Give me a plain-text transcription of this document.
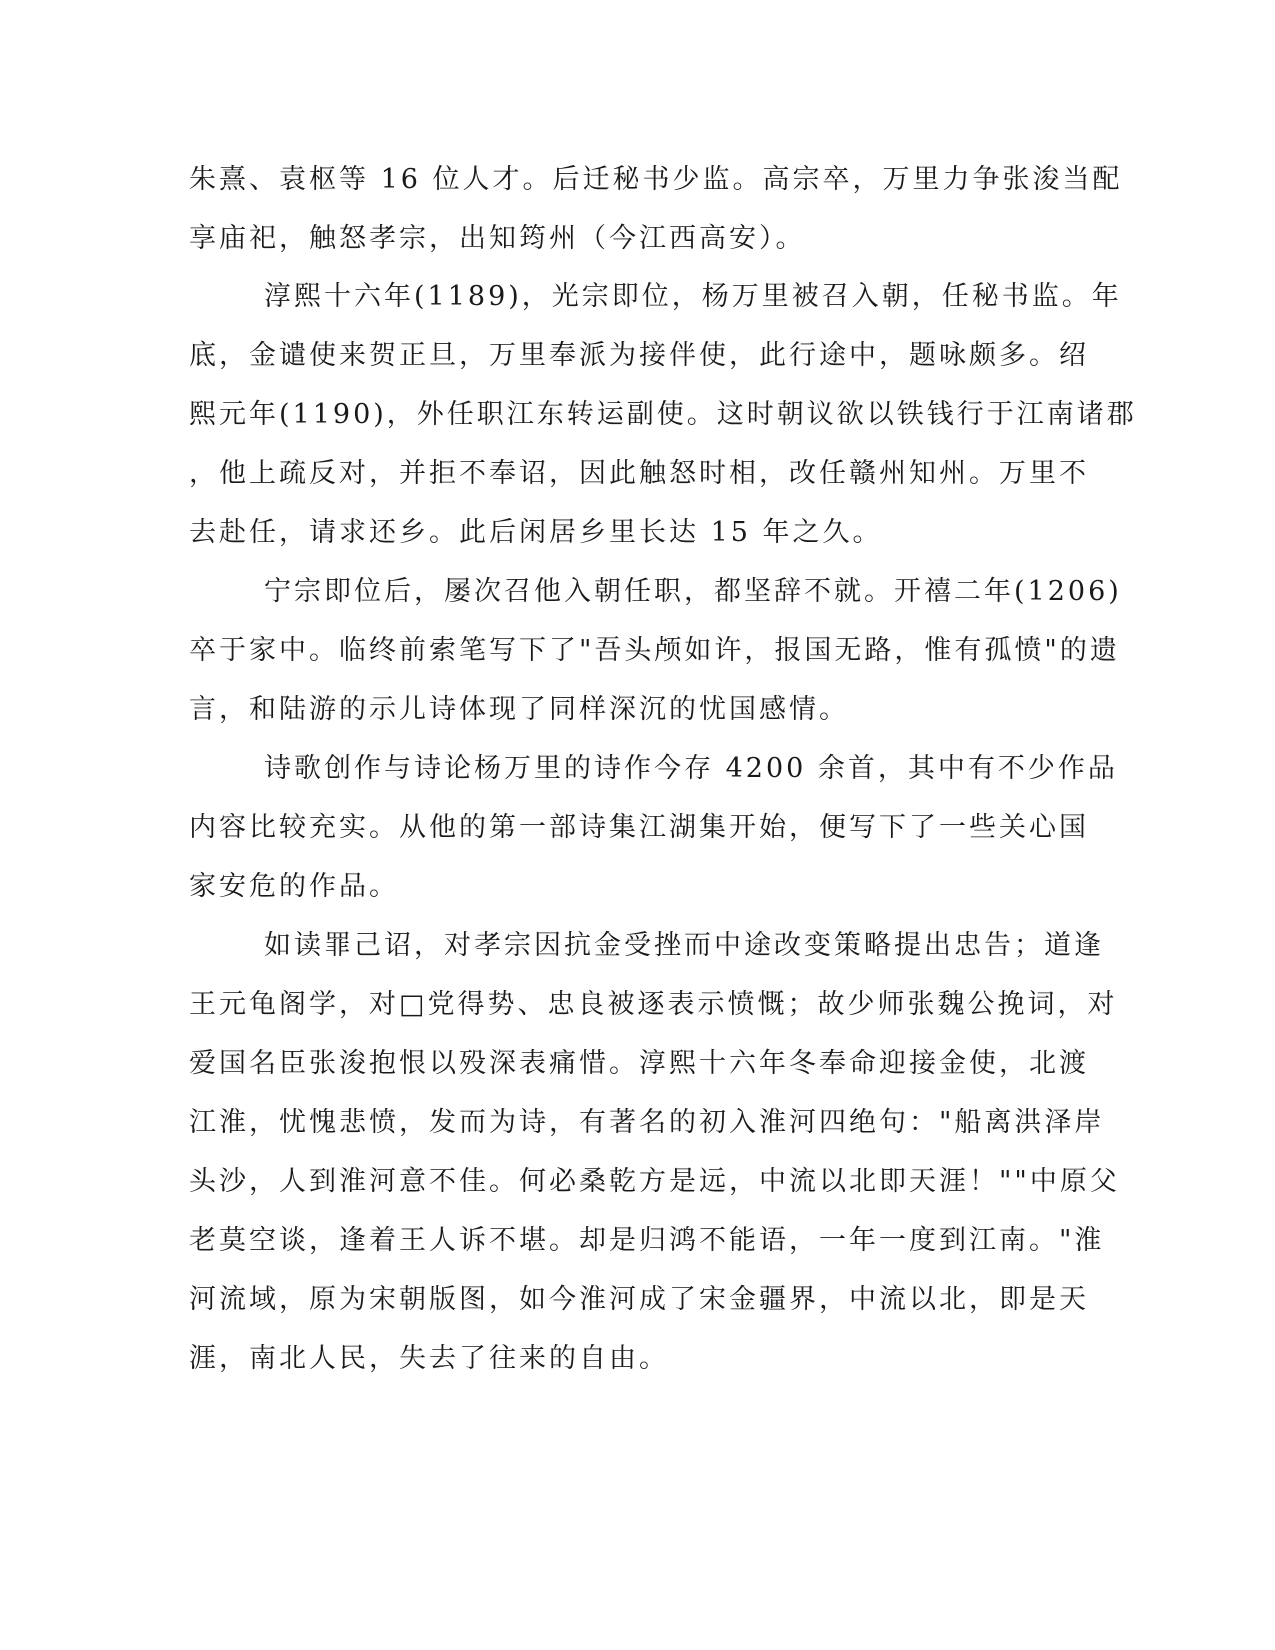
朱熹、袁枢等 16 位人才。后迁秘书少监。高宗卒，万里力争张浚当配
享庙祀，触怒孝宗，出知筠州（今江西高安）。
淳熙十六年(1189)，光宗即位，杨万里被召入朝，任秘书监。年
底，金谴使来贺正旦，万里奉派为接伴使，此行途中，题咏颇多。绍
熙元年(1190)，外任职江东转运副使。这时朝议欲以铁钱行于江南诸郡
，他上疏反对，并拒不奉诏，因此触怒时相，改任赣州知州。万里不
去赴任，请求还乡。此后闲居乡里长达 15 年之久。
宁宗即位后，屡次召他入朝任职，都坚辞不就。开禧二年(1206)
卒于家中。临终前索笔写下了"吾头颅如许，报国无路，惟有孤愤"的遗
言，和陆游的示儿诗体现了同样深沉的忧国感情。
诗歌创作与诗论杨万里的诗作今存 4200 余首，其中有不少作品
内容比较充实。从他的第一部诗集江湖集开始，便写下了一些关心国
家安危的作品。
如读罪己诏，对孝宗因抗金受挫而中途改变策略提出忠告；道逢
王元龟阁学，对□党得势、忠良被逐表示愤慨；故少师张魏公挽词，对
爱国名臣张浚抱恨以殁深表痛惜。淳熙十六年冬奉命迎接金使，北渡
江淮，忧愧悲愤，发而为诗，有著名的初入淮河四绝句："船离洪泽岸
头沙，人到淮河意不佳。何必桑乾方是远，中流以北即天涯！""中原父
老莫空谈，逢着王人诉不堪。却是归鸿不能语，一年一度到江南。"淮
河流域，原为宋朝版图，如今淮河成了宋金疆界，中流以北，即是天
涯，南北人民，失去了往来的自由。
